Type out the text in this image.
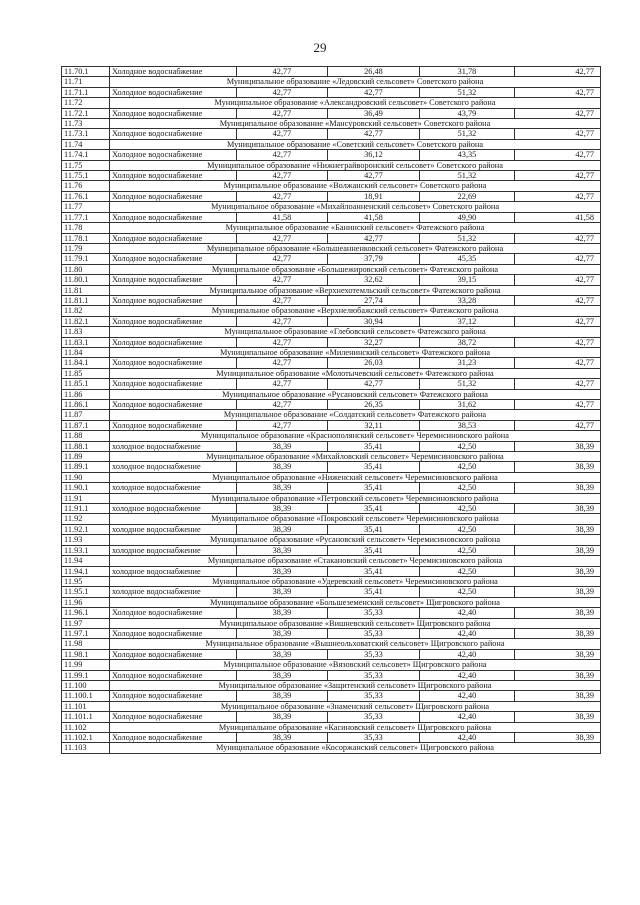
29
11.70.1	Холодное водоснабжение	42,77	26,48	31,78	42,77
11.71	Муниципальное образование «Ледовский сельсовет» Советского района				
11.71.1	Холодное водоснабжение	42,77	42,77	51,32	42,77
11.72	Муниципальное образование «Александровский сельсовет» Советского района				
11.72.1	Холодное водоснабжение	42,77	36,49	43,79	42,77
11.73	Муниципальное образование «Мансуровский сельсовет» Советского района				
11.73.1	Холодное водоснабжение	42,77	42,77	51,32	42,77
11.74	Муниципальное образование «Советский сельсовет» Советского района				
11.74.1	Холодное водоснабжение	42,77	36,12	43,35	42,77
11.75	Муниципальное образование «Нижнеграйворонский сельсовет» Советского района				
11.75.1	Холодное водоснабжение	42,77	42,77	51,32	42,77
11.76	Муниципальное образование «Волжанский сельсовет» Советского района				
11.76.1	Холодное водоснабжение	42,77	18,91	22,69	42,77
11.77	Муниципальное образование «Михайлоанненский сельсовет» Советского района				
11.77.1	Холодное водоснабжение	41,58	41,58	49,90	41,58
11.78	Муниципальное образование «Банинский сельсовет» Фатежского района				
11.78.1	Холодное водоснабжение	42,77	42,77	51,32	42,77
11.79	Муниципальное образование «Большеанненковский сельсовет» Фатежского района				
11.79.1	Холодное водоснабжение	42,77	37,79	45,35	42,77
11.80	Муниципальное образование «Большежировский сельсовет» Фатежского района				
11.80.1	Холодное водоснабжение	42,77	32,62	39,15	42,77
11.81	Муниципальное образование «Верхнехотемльский сельсовет» Фатежского района				
11.81.1	Холодное водоснабжение	42,77	27,74	33,28	42,77
11.82	Муниципальное образование «Верхнелюбажский сельсовет» Фатежского района				
11.82.1	Холодное водоснабжение	42,77	30,94	37,12	42,77
11.83	Муниципальное образование «Глебовский сельсовет» Фатежского района				
11.83.1	Холодное водоснабжение	42,77	32,27	38,72	42,77
11.84	Муниципальное образование «Миленинский сельсовет» Фатежского района				
11.84.1	Холодное водоснабжение	42,77	26,03	31,23	42,77
11.85	Муниципальное образование «Молотычевский сельсовет» Фатежского района				
11.85.1	Холодное водоснабжение	42,77	42,77	51,32	42,77
11.86	Муниципальное образование «Русановский сельсовет» Фатежского района				
11.86.1	Холодное водоснабжение	42,77	26,35	31,62	42,77
11.87	Муниципальное образование «Солдатский сельсовет» Фатежского района				
11.87.1	Холодное водоснабжение	42,77	32,11	38,53	42,77
11.88	Муниципальное образование «Краснополянский сельсовет» Черемисиновского района				
11.88.1	холодное водоснабжение	38,39	35,41	42,50	38,39
11.89	Муниципальное образование «Михайловский сельсовет» Черемисиновского района				
11.89.1	холодное водоснабжение	38,39	35,41	42,50	38,39
11.90	Муниципальное образование «Ниженский сельсовет» Черемисиновского района				
11.90.1	холодное водоснабжение	38,39	35,41	42,50	38,39
11.91	Муниципальное образование «Петровский сельсовет» Черемисиновского района				
11.91.1	холодное водоснабжение	38,39	35,41	42,50	38,39
11.92	Муниципальное образование «Покровский сельсовет» Черемисиновского района				
11.92.1	холодное водоснабжение	38,39	35,41	42,50	38,39
11.93	Муниципальное образование «Русановский сельсовет» Черемисиновского района				
11.93.1	холодное водоснабжение	38,39	35,41	42,50	38,39
11.94	Муниципальное образование «Стакановский сельсовет» Черемисиновского района				
11.94.1	холодное водоснабжение	38,39	35,41	42,50	38,39
11.95	Муниципальное образование «Удеревский сельсовет» Черемисиновского района				
11.95.1	холодное водоснабжение	38,39	35,41	42,50	38,39
11.96	Муниципальное образование «Большеземенский сельсовет» Щигровского района				
11.96.1	Холодное водоснабжение	38,39	35,33	42,40	38,39
11.97	Муниципальное образование «Вишневский сельсовет» Щигровского района				
11.97.1	Холодное водоснабжение	38,39	35,33	42,40	38,39
11.98	Муниципальное образование «Вышнеольховатский сельсовет» Щигровского района				
11.98.1	Холодное водоснабжение	38,39	35,33	42,40	38,39
11.99	Муниципальное образование «Вязовский сельсовет» Щигровского района				
11.99.1	Холодное водоснабжение	38,39	35,33	42,40	38,39
11.100	Муниципальное образование «Защитенский сельсовет» Щигровского района				
11.100.1	Холодное водоснабжение	38,39	35,33	42,40	38,39
11.101	Муниципальное образование «Знаменский сельсовет» Щигровского района				
11.101.1	Холодное водоснабжение	38,39	35,33	42,40	38,39
11.102	Муниципальное образование «Касиновский сельсовет» Щигровского района				
11.102.1	Холодное водоснабжение	38,39	35,33	42,40	38,39
11.103	Муниципальное образование «Косоржанский сельсовет» Щигровского района				
